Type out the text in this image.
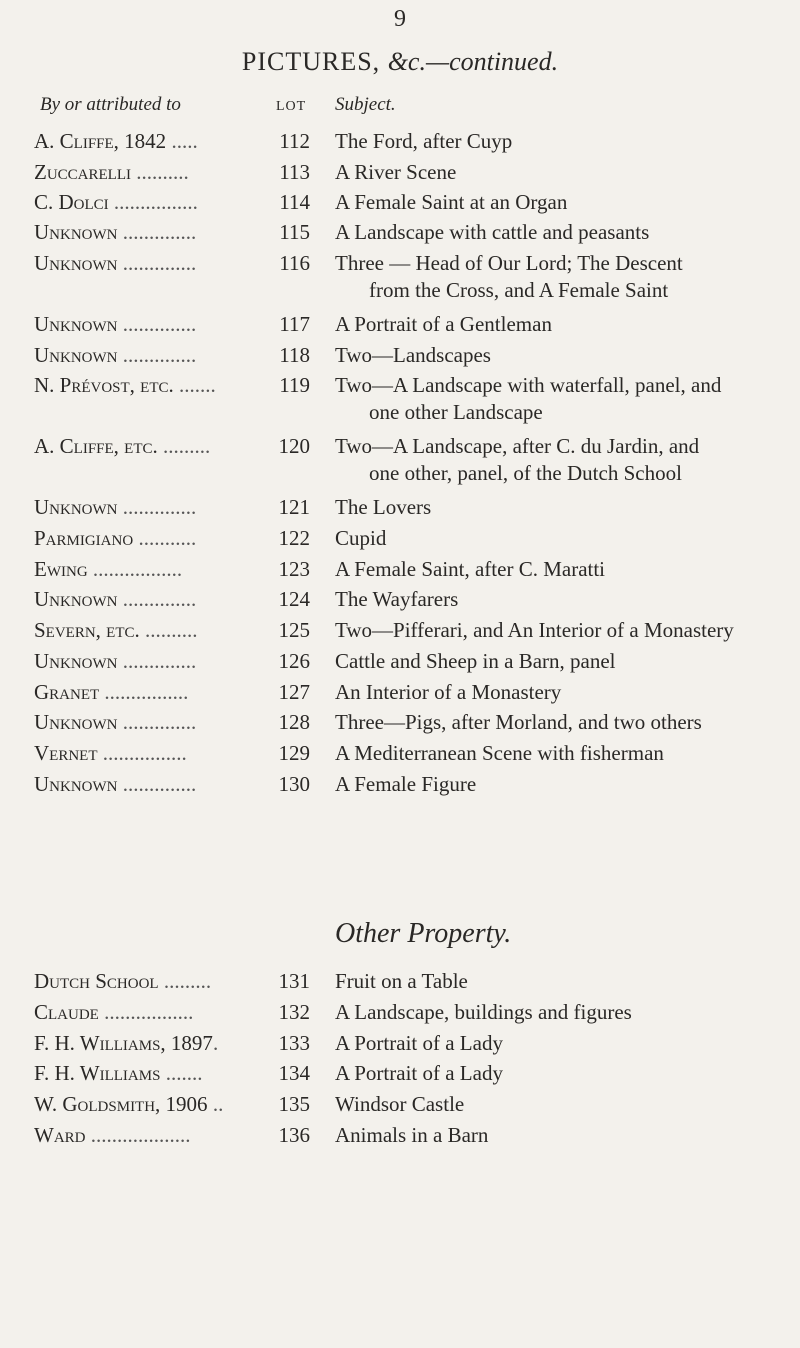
9
PICTURES, &c.—continued.
By or attributed to	LOT Subject.
A. Cliffe, 1842 .....	112 The Ford, after Cuyp
Zuccarelli ..........	113 A River Scene
C. Dolci ................	114 A Female Saint at an Organ
Unknown ..............	115 A Landscape with cattle and peasants
Unknown ..............	116 Three — Head of Our Lord; The Descent
from the Cross, and A Female Saint
Unknown ..............	117 A Portrait of a Gentleman
Unknown ..............	118 Two—Landscapes
N. Prévost, etc. .......	119 Two—A Landscape with waterfall, panel, and
one other Landscape
A. Cliffe, etc. .........	120 Two—A Landscape, after C. du Jardin, and
one other, panel, of the Dutch School
Unknown ..............	121 The Lovers
Parmigiano ...........	122 Cupid
Ewing .................	123 A Female Saint, after C. Maratti
Unknown ..............	124 The Wayfarers
Severn, etc. ..........	125 Two—Pifferari, and An Interior of a Monastery
Unknown ..............	126 Cattle and Sheep in a Barn, panel
Granet ................	127 An Interior of a Monastery
Unknown ..............	128 Three—Pigs, after Morland, and two others
Vernet ................	129 A Mediterranean Scene with fisherman
Unknown ..............	130 A Female Figure
Other Property.
Dutch School .........	131 Fruit on a Table
Claude .................	132 A Landscape, buildings and figures
F. H. Williams, 1897.	133 A Portrait of a Lady
F. H. Williams .......	134 A Portrait of a Lady
W. Goldsmith, 1906 ..	135 Windsor Castle
Ward ...................	136 Animals in a Barn
